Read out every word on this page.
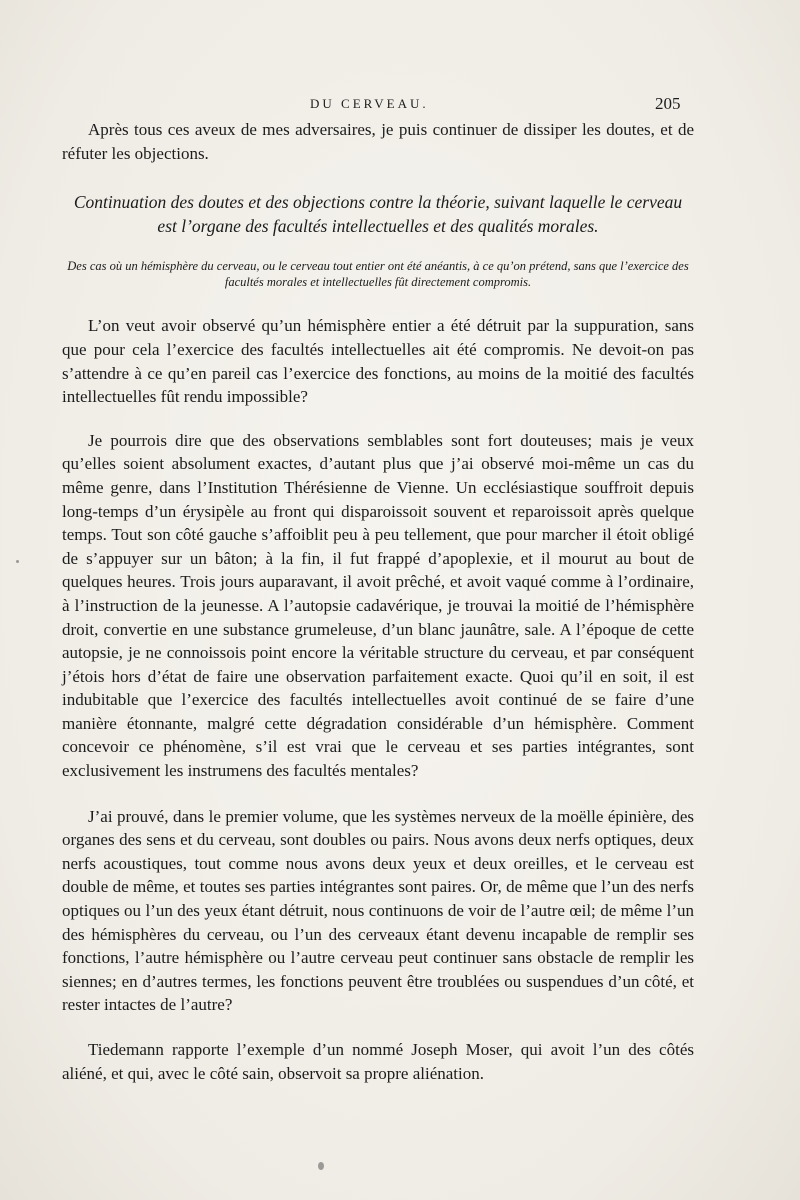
DU CERVEAU.	205

Après tous ces aveux de mes adversaires, je puis continuer de dissiper les doutes, et de réfuter les objections.

Continuation des doutes et des objections contre la théorie, suivant laquelle le cerveau est l’organe des facultés intellectuelles et des qualités morales.
Des cas où un hémisphère du cerveau, ou le cerveau tout entier ont été anéantis, à ce qu’on prétend, sans que l’exercice des facultés morales et intellectuelles fût directement compromis.

L’on veut avoir observé qu’un hémisphère entier a été détruit par la suppuration, sans que pour cela l’exercice des facultés intellectuelles ait été compromis. Ne devoit-on pas s’attendre à ce qu’en pareil cas l’exercice des fonctions, au moins de la moitié des facultés intellectuelles fût rendu impossible?

Je pourrois dire que des observations semblables sont fort douteuses; mais je veux qu’elles soient absolument exactes, d’autant plus que j’ai observé moi-même un cas du même genre, dans l’Institution Thérésienne de Vienne. Un ecclésiastique souffroit depuis long-temps d’un érysipèle au front qui disparoissoit souvent et reparoissoit après quelque temps. Tout son côté gauche s’affoiblit peu à peu tellement, que pour marcher il étoit obligé de s’appuyer sur un bâton; à la fin, il fut frappé d’apoplexie, et il mourut au bout de quelques heures. Trois jours auparavant, il avoit prêché, et avoit vaqué comme à l’ordinaire, à l’instruction de la jeunesse. A l’autopsie cadavérique, je trouvai la moitié de l’hémisphère droit, convertie en une substance grumeleuse, d’un blanc jaunâtre, sale. A l’époque de cette autopsie, je ne connoissois point encore la véritable structure du cerveau, et par conséquent j’étois hors d’état de faire une observation parfaitement exacte. Quoi qu’il en soit, il est indubitable que l’exercice des facultés intellectuelles avoit continué de se faire d’une manière étonnante, malgré cette dégradation considérable d’un hémisphère. Comment concevoir ce phénomène, s’il est vrai que le cerveau et ses parties intégrantes, sont exclusivement les instrumens des facultés mentales?

J’ai prouvé, dans le premier volume, que les systèmes nerveux de la moëlle épinière, des organes des sens et du cerveau, sont doubles ou pairs. Nous avons deux nerfs optiques, deux nerfs acoustiques, tout comme nous avons deux yeux et deux oreilles, et le cerveau est double de même, et toutes ses parties intégrantes sont paires. Or, de même que l’un des nerfs optiques ou l’un des yeux étant détruit, nous continuons de voir de l’autre œil; de même l’un des hémisphères du cerveau, ou l’un des cerveaux étant devenu incapable de remplir ses fonctions, l’autre hémisphère ou l’autre cerveau peut continuer sans obstacle de remplir les siennes; en d’autres termes, les fonctions peuvent être troublées ou suspendues d’un côté, et rester intactes de l’autre?

Tiedemann rapporte l’exemple d’un nommé Joseph Moser, qui avoit l’un des côtés aliéné, et qui, avec le côté sain, observoit sa propre aliénation.
